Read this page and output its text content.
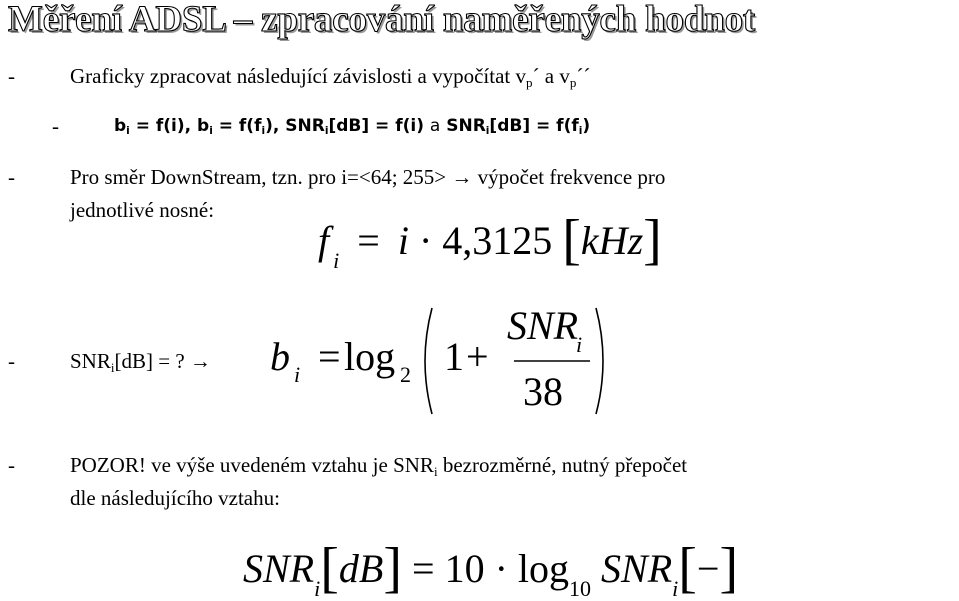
Měření ADSL – zpracování naměřených hodnot
-	Graficky zpracovat následující závislosti a vypočítat $v_p´$ a $v_p´´$
-	$b_i = f(i)$, $b_i = f(f_i)$, $SNR_i[dB] = f(i)$ a $SNR_i[dB] = f(f_i)$
-	Pro směr DownStream, tzn. pro i=<64; 255> → výpočet frekvence pro
jednotlivé nosné:
f $_i$ = i · 4,3125 [kHz]
-	$SNR_i[dB]$ = ? → b i = log 2 1 +
SNR
i
38
-	POZOR! ve výše uvedeném vztahu je $SNR_i$ bezrozměrné, nutný přepočet
dle následujícího vztahu:
$SNR_i[dB] = 10 \cdot \log_{10} SNR_i[-]$
